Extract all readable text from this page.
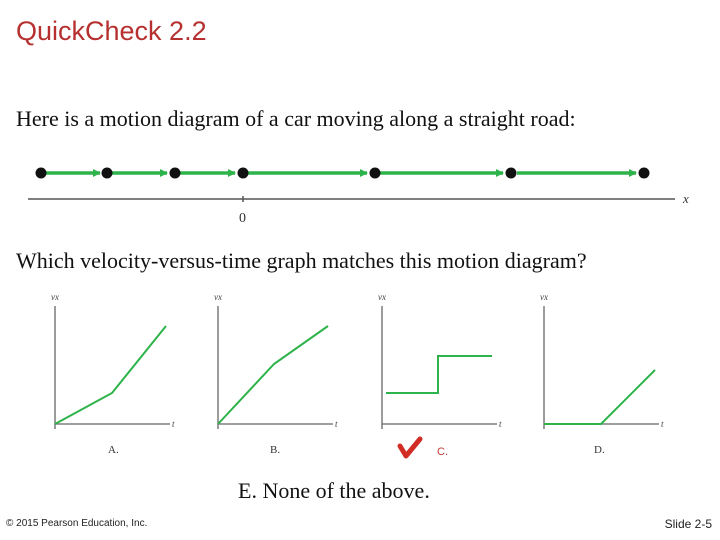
QuickCheck 2.2
Here is a motion diagram of a car moving along a straight road:
0
x
Which velocity-versus-time graph matches this motion diagram?
vx
t
A.
vx
t
B.
vx
t
C.
vx
t
D.
E. None of the above.
© 2015 Pearson Education, Inc.	Slide 2-5
